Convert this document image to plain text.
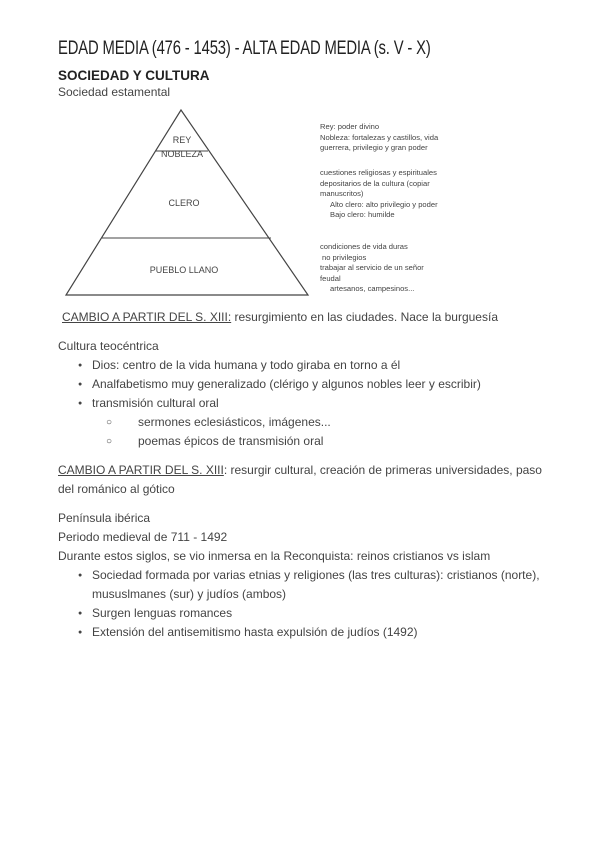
EDAD MEDIA (476 - 1453) - ALTA EDAD MEDIA (s. V - X)
SOCIEDAD Y CULTURA

Sociedad estamental

REY
NOBLEZA
CLERO
PUEBLO LLANO
Rey: poder divino
Nobleza: fortalezas y castillos, vida
guerrera, privilegio y gran poder
cuestiones religiosas y espirituales
depositarios de la cultura (copiar
manuscritos)
Alto clero: alto privilegio y poder
Bajo clero: humilde
condiciones de vida duras
no privilegios
trabajar al servicio de un señor
feudal
artesanos, campesinos...

CAMBIO A PARTIR DEL S. XIII: resurgimiento en las ciudades. Nace la burguesía

Cultura teocéntrica

● Dios: centro de la vida humana y todo giraba en torno a él
● Analfabetismo muy generalizado (clérigo y algunos nobles leer y escribir)
● transmisión cultural oral
○ sermones eclesiásticos, imágenes...
○ poemas épicos de transmisión oral

CAMBIO A PARTIR DEL S. XIII: resurgir cultural, creación de primeras universidades, paso del románico al gótico

Península ibérica

Periodo medieval de 711 - 1492

Durante estos siglos, se vio inmersa en la Reconquista: reinos cristianos vs islam

● Sociedad formada por varias etnias y religiones (las tres culturas): cristianos (norte), mususlmanes (sur) y judíos (ambos)
● Surgen lenguas romances
● Extensión del antisemitismo hasta expulsión de judíos (1492)
